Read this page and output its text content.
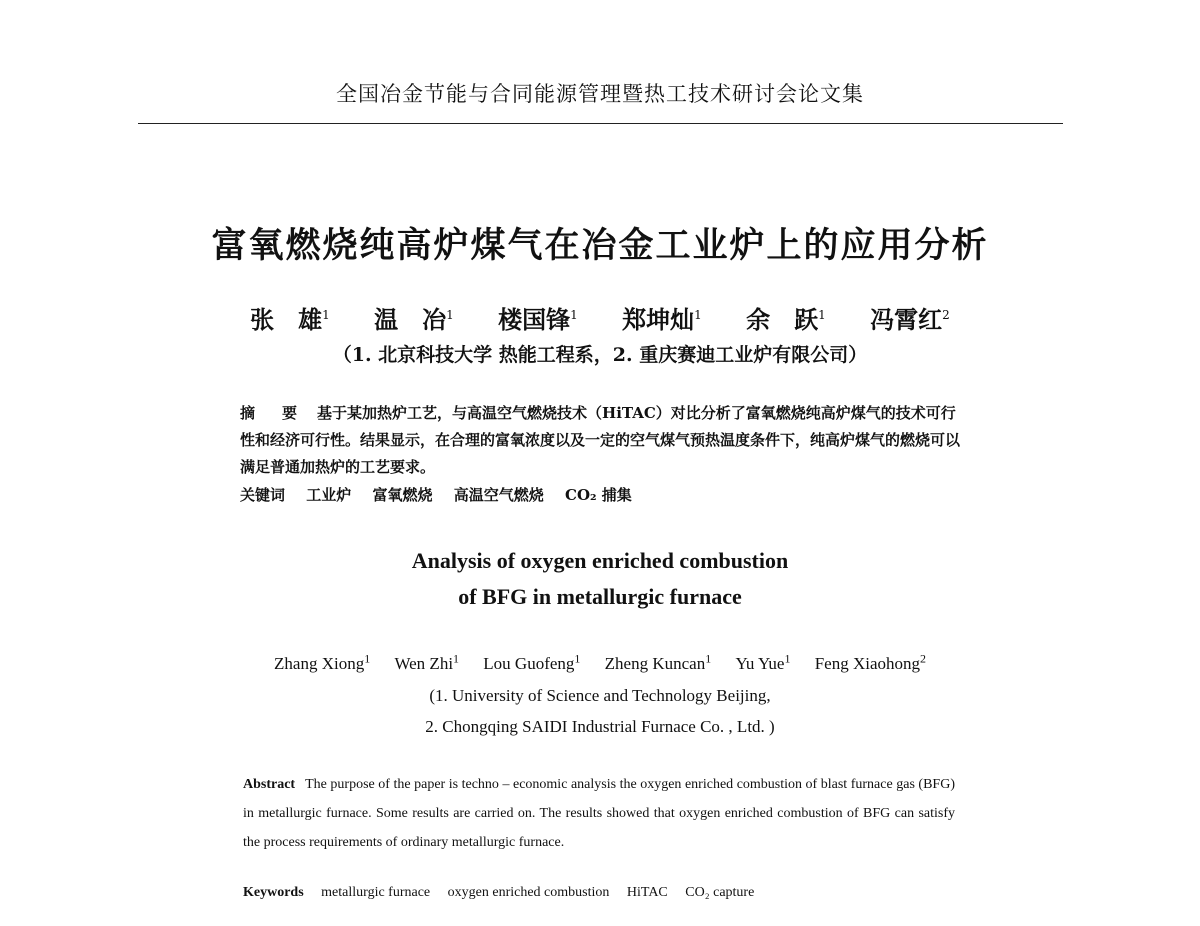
全国冶金节能与合同能源管理暨热工技术研讨会论文集
富氧燃烧纯高炉煤气在冶金工业炉上的应用分析
张　雄$^1$ 温　冶$^1$ 楼国锋$^1$ 郑坤灿$^1$ 余　跃$^1$ 冯霄红$^2$
（1. 北京科技大学 热能工程系，2. 重庆赛迪工业炉有限公司）
摘　要 基于某加热炉工艺，与高温空气燃烧技术（HiTAC）对比分析了富氧燃烧纯高炉煤气的技术可行性和经济可行性。结果显示，在合理的富氧浓度以及一定的空气煤气预热温度条件下，纯高炉煤气的燃烧可以满足普通加热炉的工艺要求。
关键词 工业炉 富氧燃烧 高温空气燃烧 CO₂ 捕集
Analysis of oxygen enriched combustion
of BFG in metallurgic furnace
Zhang Xiong$^1$ Wen Zhi$^1$ Lou Guofeng$^1$ Zheng Kuncan$^1$ Yu Yue$^1$ Feng Xiaohong$^2$
(1. University of Science and Technology Beijing,
2. Chongqing SAIDI Industrial Furnace Co. , Ltd. )
Abstract The purpose of the paper is techno – economic analysis the oxygen enriched combustion of blast furnace gas (BFG) in metallurgic furnace. Some results are carried on. The results showed that oxygen enriched combustion of BFG can satisfy the process requirements of ordinary metallurgic furnace.
Keywords metallurgic furnace oxygen enriched combustion HiTAC CO₂ capture
